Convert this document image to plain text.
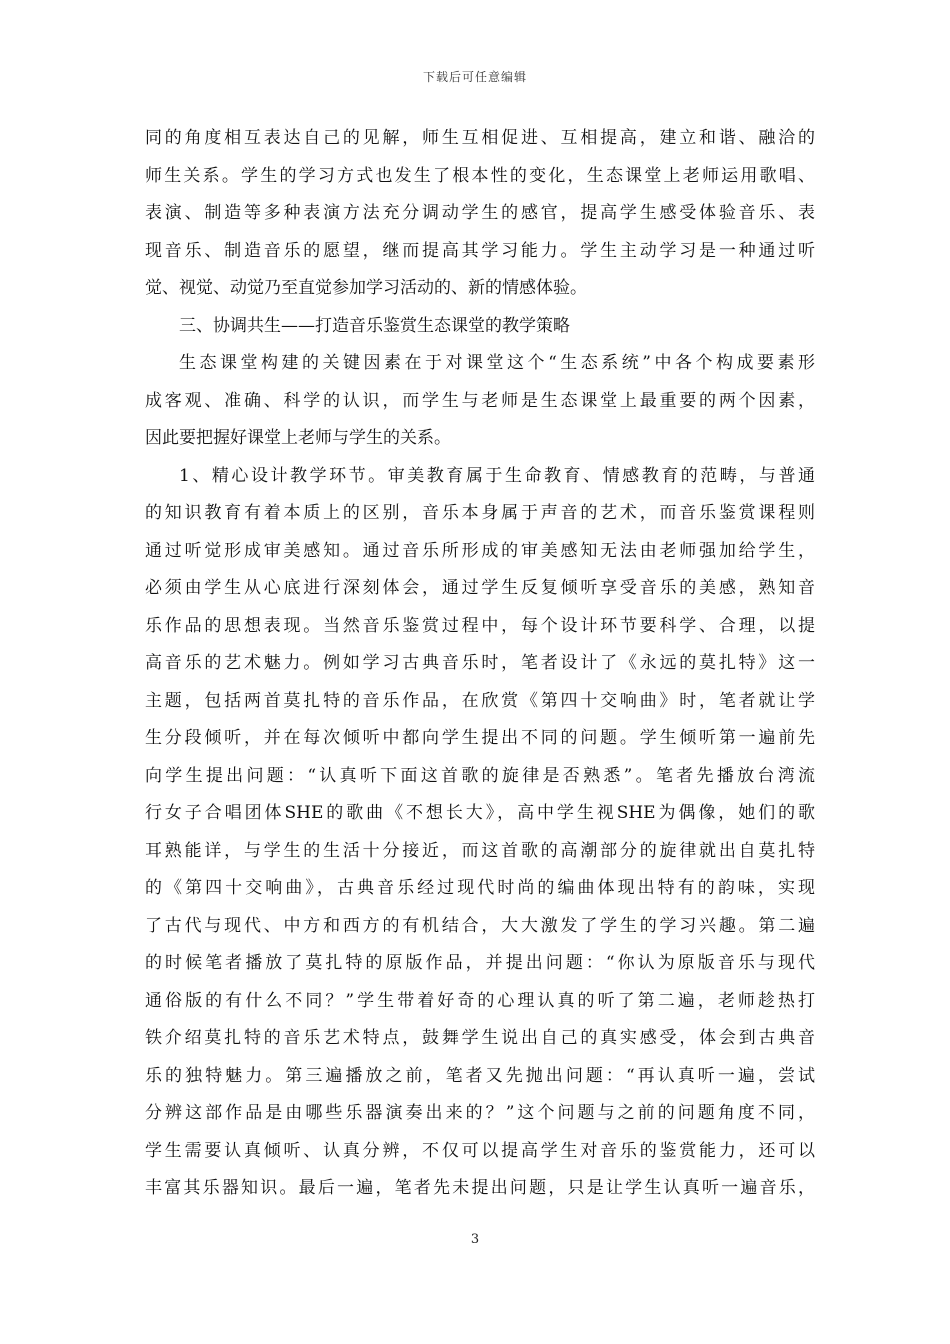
下载后可任意编辑
同的角度相互表达自己的见解，师生互相促进、互相提高，建立和谐、融洽的
师生关系。学生的学习方式也发生了根本性的变化，生态课堂上老师运用歌唱、
表演、制造等多种表演方法充分调动学生的感官，提高学生感受体验音乐、表
现音乐、制造音乐的愿望，继而提高其学习能力。学生主动学习是一种通过听
觉、视觉、动觉乃至直觉参加学习活动的、新的情感体验。
三、协调共生——打造音乐鉴赏生态课堂的教学策略
生态课堂构建的关键因素在于对课堂这个“生态系统”中各个构成要素形
成客观、准确、科学的认识，而学生与老师是生态课堂上最重要的两个因素，
因此要把握好课堂上老师与学生的关系。
1、精心设计教学环节。审美教育属于生命教育、情感教育的范畴，与普通
的知识教育有着本质上的区别，音乐本身属于声音的艺术，而音乐鉴赏课程则
通过听觉形成审美感知。通过音乐所形成的审美感知无法由老师强加给学生，
必须由学生从心底进行深刻体会，通过学生反复倾听享受音乐的美感，熟知音
乐作品的思想表现。当然音乐鉴赏过程中，每个设计环节要科学、合理，以提
高音乐的艺术魅力。例如学习古典音乐时，笔者设计了《永远的莫扎特》这一
主题，包括两首莫扎特的音乐作品，在欣赏《第四十交响曲》时，笔者就让学
生分段倾听，并在每次倾听中都向学生提出不同的问题。学生倾听第一遍前先
向学生提出问题：“认真听下面这首歌的旋律是否熟悉”。笔者先播放台湾流
行女子合唱团体SHE的歌曲《不想长大》，高中学生视SHE为偶像，她们的歌
耳熟能详，与学生的生活十分接近，而这首歌的高潮部分的旋律就出自莫扎特
的《第四十交响曲》，古典音乐经过现代时尚的编曲体现出特有的韵味，实现
了古代与现代、中方和西方的有机结合，大大激发了学生的学习兴趣。第二遍
的时候笔者播放了莫扎特的原版作品，并提出问题：“你认为原版音乐与现代
通俗版的有什么不同？”学生带着好奇的心理认真的听了第二遍，老师趁热打
铁介绍莫扎特的音乐艺术特点，鼓舞学生说出自己的真实感受，体会到古典音
乐的独特魅力。第三遍播放之前，笔者又先抛出问题：“再认真听一遍，尝试
分辨这部作品是由哪些乐器演奏出来的？”这个问题与之前的问题角度不同，
学生需要认真倾听、认真分辨，不仅可以提高学生对音乐的鉴赏能力，还可以
丰富其乐器知识。最后一遍，笔者先未提出问题，只是让学生认真听一遍音乐，
3
